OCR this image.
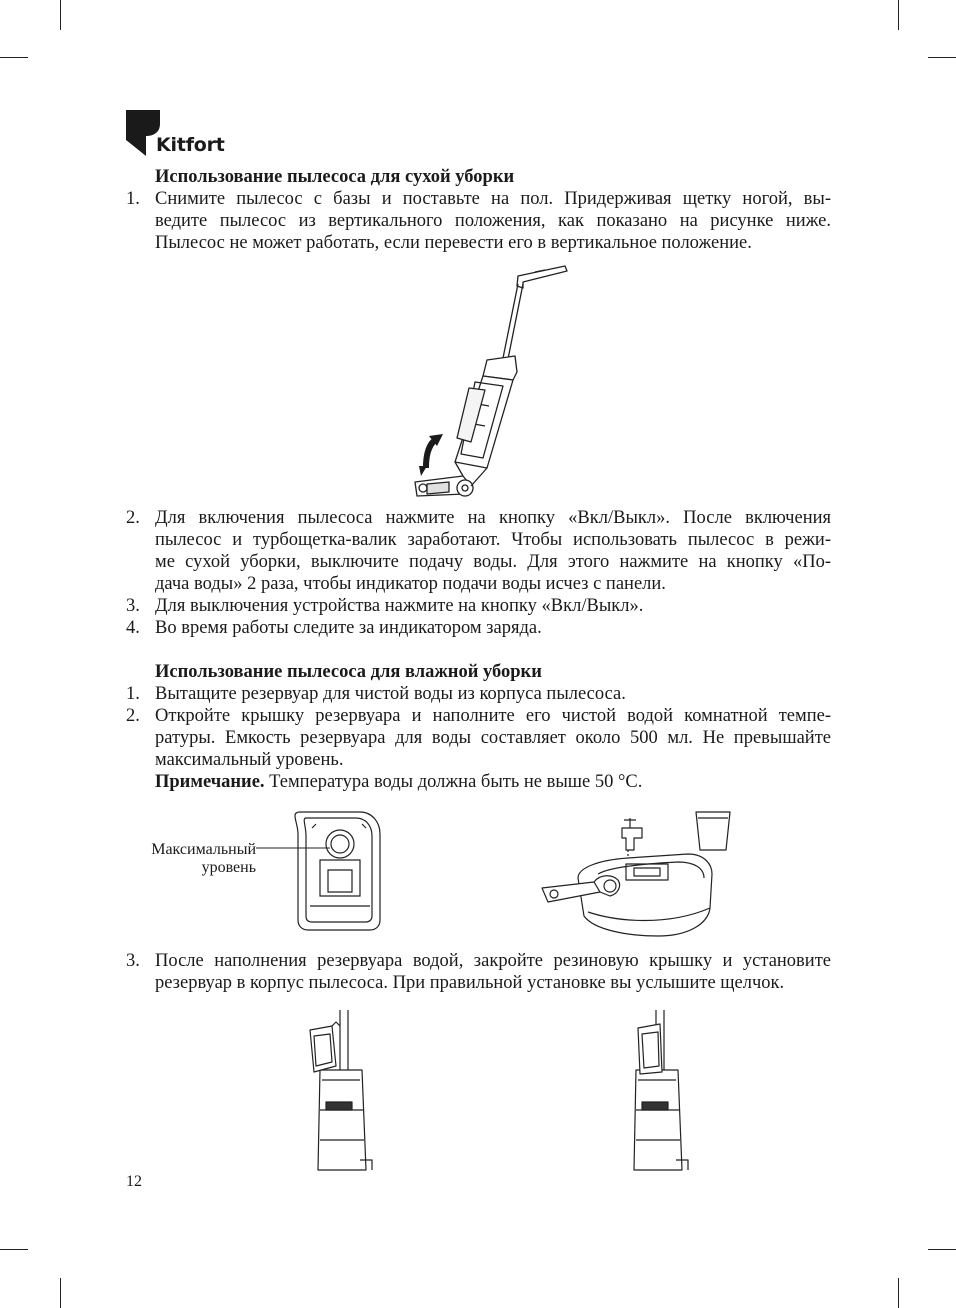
Kitfort
Использование пылесоса для сухой уборки
1. Снимите пылесос с базы и поставьте на пол. Придерживая щетку ногой, вы-
ведите пылесос из вертикального положения, как показано на рисунке ниже.
Пылесос не может работать, если перевести его в вертикальное положение.
2. Для включения пылесоса нажмите на кнопку «Вкл/Выкл». После включения
пылесос и турбощетка-валик заработают. Чтобы использовать пылесос в режи-
ме сухой уборки, выключите подачу воды. Для этого нажмите на кнопку «По-
дача воды» 2 раза, чтобы индикатор подачи воды исчез с панели.
3. Для выключения устройства нажмите на кнопку «Вкл/Выкл».
4. Во время работы следите за индикатором заряда.
Использование пылесоса для влажной уборки
1. Вытащите резервуар для чистой воды из корпуса пылесоса.
2. Откройте крышку резервуара и наполните его чистой водой комнатной темпе-
ратуры. Емкость резервуара для воды составляет около 500 мл. Не превышайте
максимальный уровень.
Примечание. Температура воды должна быть не выше 50 °C.
Максимальный
уровень
3. После наполнения резервуара водой, закройте резиновую крышку и установите
резервуар в корпус пылесоса. При правильной установке вы услышите щелчок.
12
